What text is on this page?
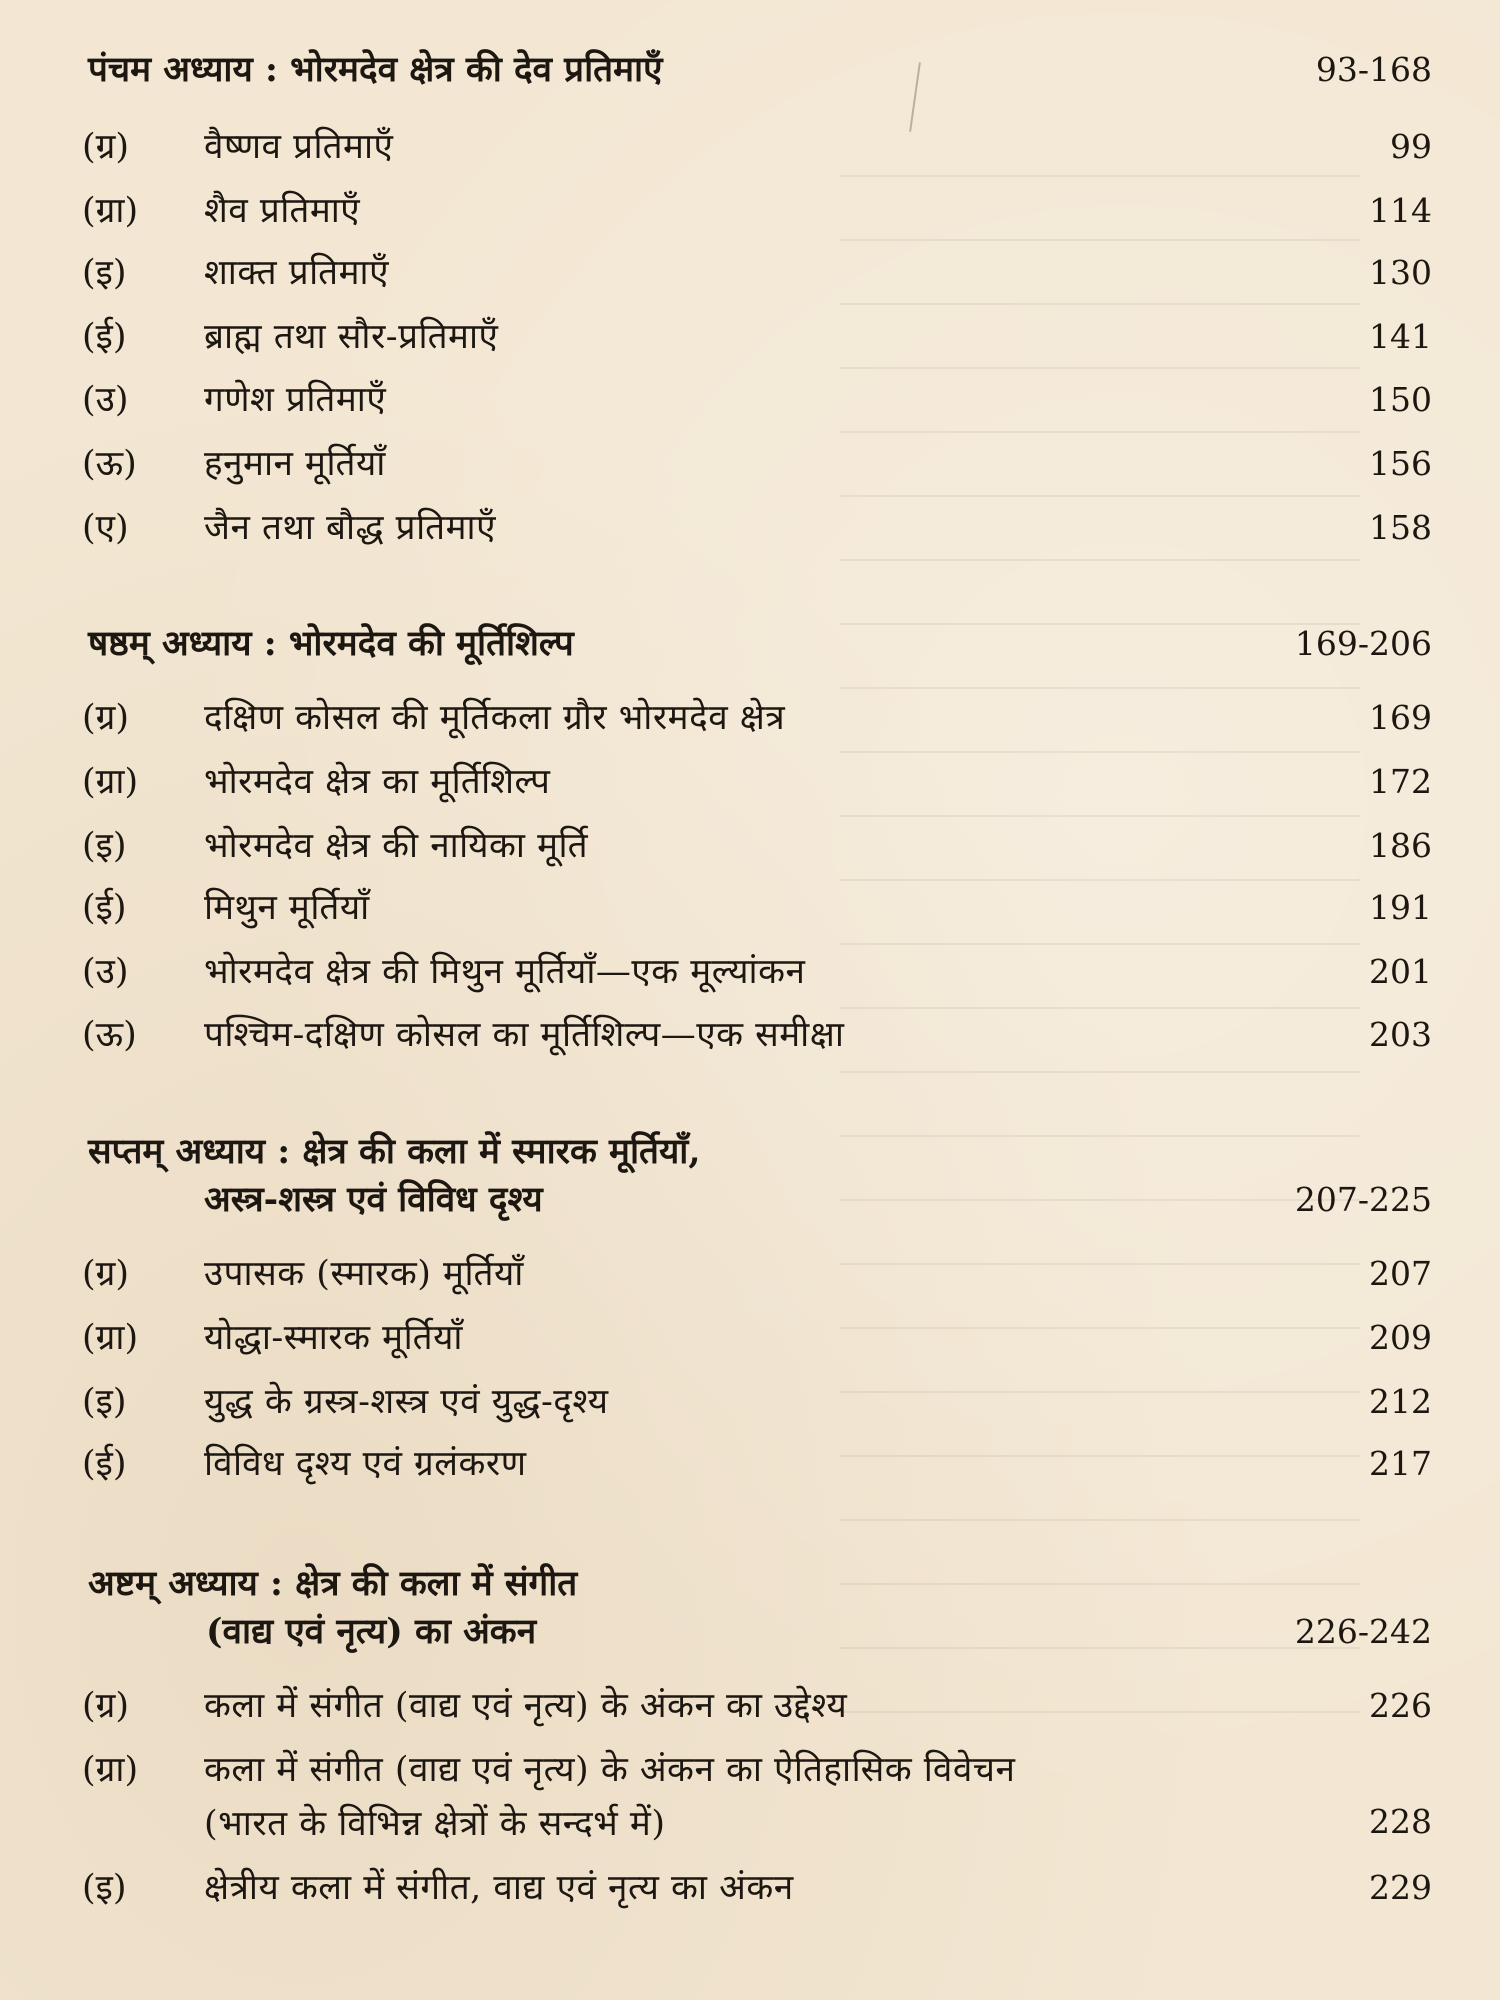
पंचम अध्याय : भोरमदेव क्षेत्र की देव प्रतिमाएँ	93-168
(ग्र)	वैष्णव प्रतिमाएँ	99
(ग्रा)	शैव प्रतिमाएँ	114
(इ)	शाक्त प्रतिमाएँ	130
(ई)	ब्राह्म तथा सौर-प्रतिमाएँ	141
(उ)	गणेश प्रतिमाएँ	150
(ऊ)	हनुमान मूर्तियाँ	156
(ए)	जैन तथा बौद्ध प्रतिमाएँ	158
षष्ठम् अध्याय : भोरमदेव की मूर्तिशिल्प	169-206
(ग्र)	दक्षिण कोसल की मूर्तिकला ग्रौर भोरमदेव क्षेत्र	169
(ग्रा)	भोरमदेव क्षेत्र का मूर्तिशिल्प	172
(इ)	भोरमदेव क्षेत्र की नायिका मूर्ति	186
(ई)	मिथुन मूर्तियाँ	191
(उ)	भोरमदेव क्षेत्र की मिथुन मूर्तियाँ—एक मूल्यांकन	201
(ऊ)	पश्चिम-दक्षिण कोसल का मूर्तिशिल्प—एक समीक्षा	203
सप्तम् अध्याय : क्षेत्र की कला में स्मारक मूर्तियाँ,
अस्त्र-शस्त्र एवं विविध दृश्य	207-225
(ग्र)	उपासक (स्मारक) मूर्तियाँ	207
(ग्रा)	योद्धा-स्मारक मूर्तियाँ	209
(इ)	युद्ध के ग्रस्त्र-शस्त्र एवं युद्ध-दृश्य	212
(ई)	विविध दृश्य एवं ग्रलंकरण	217
अष्टम् अध्याय : क्षेत्र की कला में संगीत
(वाद्य एवं नृत्य) का अंकन	226-242
(ग्र)	कला में संगीत (वाद्य एवं नृत्य) के अंकन का उद्देश्य	226
(ग्रा)	कला में संगीत (वाद्य एवं नृत्य) के अंकन का ऐतिहासिक विवेचन
(भारत के विभिन्न क्षेत्रों के सन्दर्भ में)	228
(इ)	क्षेत्रीय कला में संगीत, वाद्य एवं नृत्य का अंकन	229
